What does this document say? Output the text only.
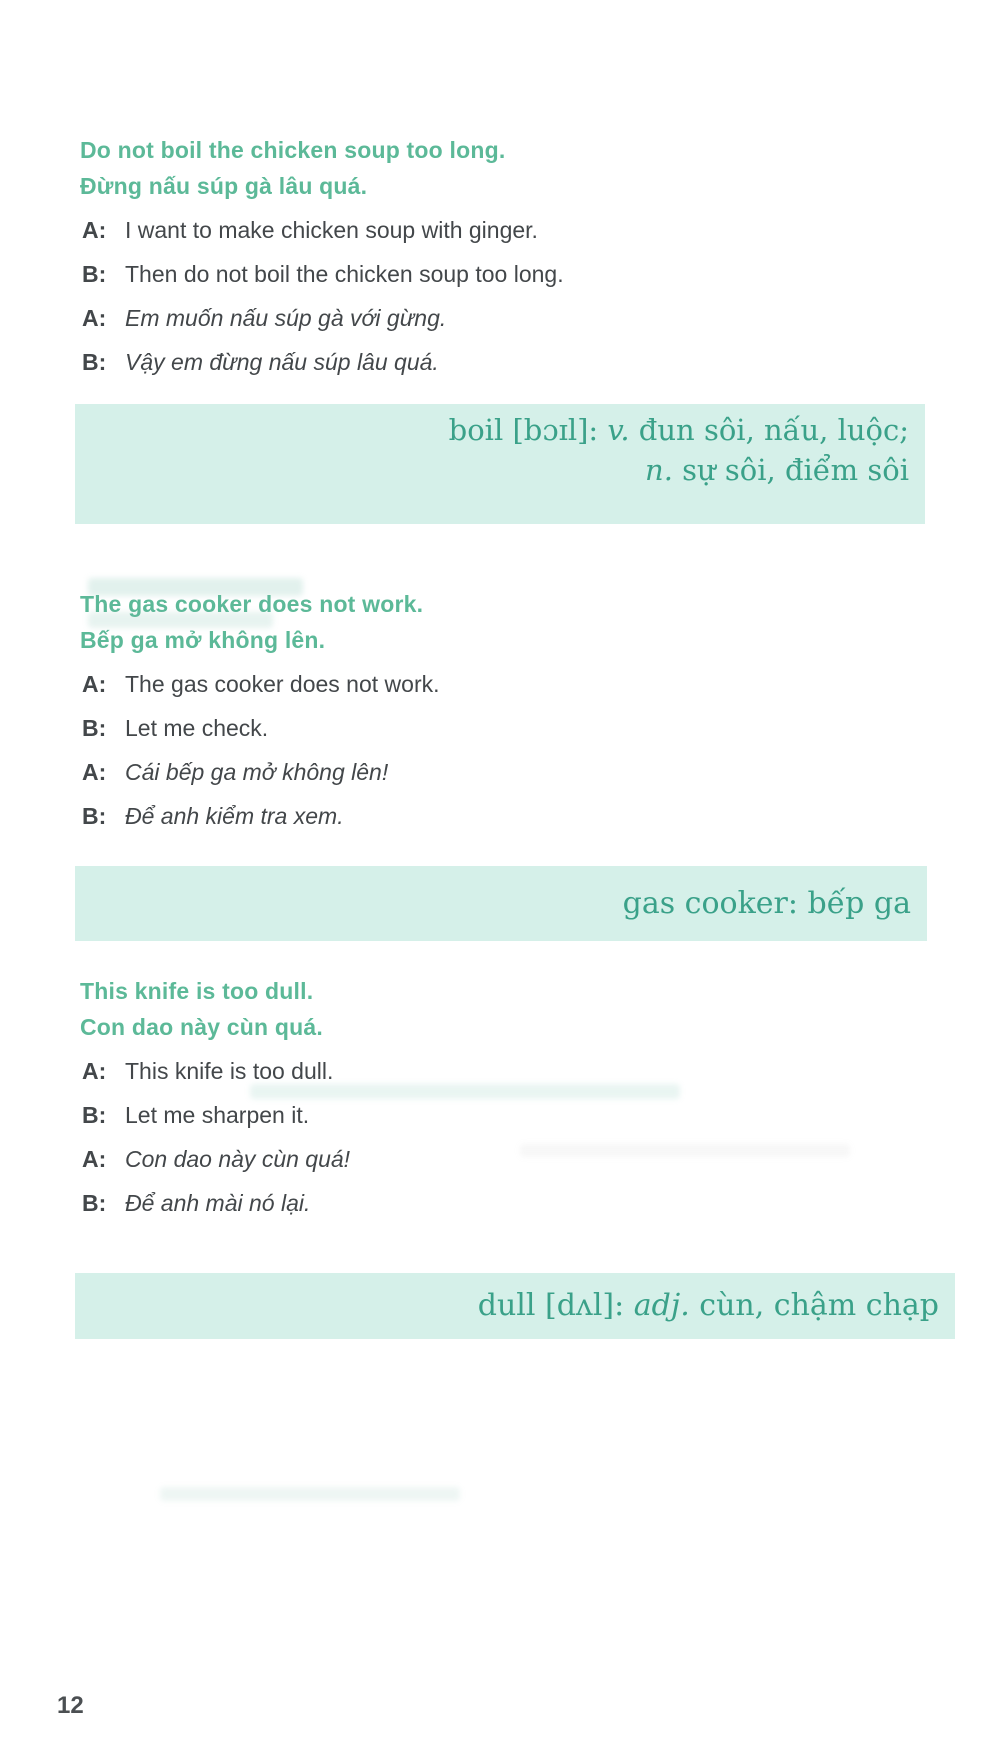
Do not boil the chicken soup too long.
Đừng nấu súp gà lâu quá.
A: I want to make chicken soup with ginger.
B: Then do not boil the chicken soup too long.
A: Em muốn nấu súp gà với gừng.
B: Vậy em đừng nấu súp lâu quá.
boil [bɔɪl]: v. đun sôi, nấu, luộc;
n. sự sôi, điểm sôi
The gas cooker does not work.
Bếp ga mở không lên.
A: The gas cooker does not work.
B: Let me check.
A: Cái bếp ga mở không lên!
B: Để anh kiểm tra xem.
gas cooker: bếp ga
This knife is too dull.
Con dao này cùn quá.
A: This knife is too dull.
B: Let me sharpen it.
A: Con dao này cùn quá!
B: Để anh mài nó lại.
dull [dʌl]: adj. cùn, chậm chạp
12
